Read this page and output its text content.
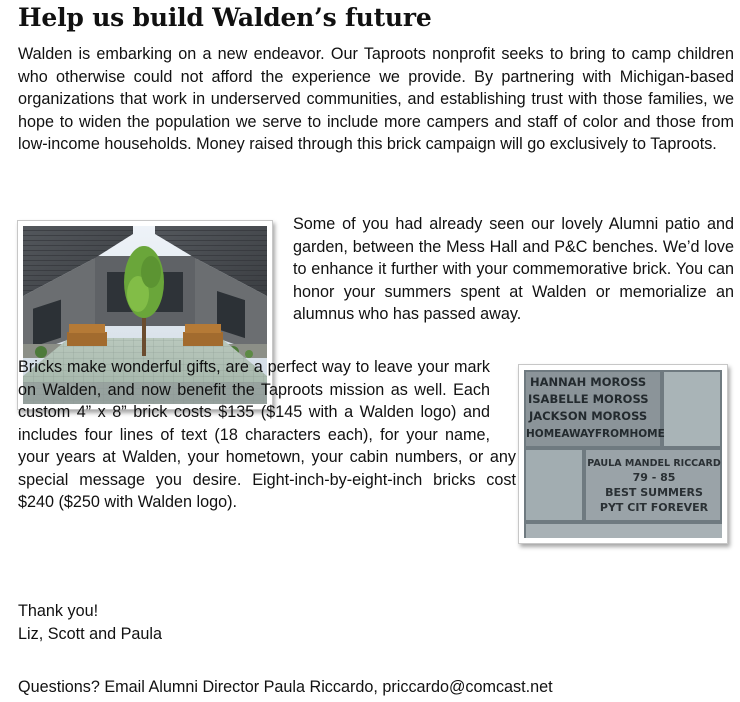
Help us build Walden’s future
Walden is embarking on a new endeavor. Our Taproots nonprofit seeks to bring to camp children who otherwise could not afford the experience we provide. By partnering with Michigan-based organizations that work in underserved communities, and establishing trust with those families, we hope to widen the population we serve to include more campers and staff of color and those from low-income households. Money raised through this brick campaign will go exclusively to Taproots.
Some of you had already seen our lovely Alumni patio and garden, between the Mess Hall and P&C benches. We’d love to enhance it further with your commemorative brick. You can honor your summers spent at Walden or memorialize an alumnus who has passed away.
HANNAH MOROSS
ISABELLE MOROSS
JACKSON MOROSS
HOMEAWAYFROMHOME
PAULA MANDEL RICCARD
79 - 85
BEST SUMMERS
PYT CIT FOREVER
Bricks make wonderful gifts, are a perfect way to leave your mark on Walden, and now benefit the Taproots mission as well. Each custom 4” x 8” brick costs $135 ($145 with a Walden logo) and includes four lines of text (18 characters each), for your name, your years at Walden, your hometown, your cabin numbers, or any special message you desire. Eight-inch-by-eight-inch bricks cost $240 ($250 with Walden logo).
Thank you!
Liz, Scott and Paula
Questions? Email Alumni Director Paula Riccardo, priccardo@comcast.net
